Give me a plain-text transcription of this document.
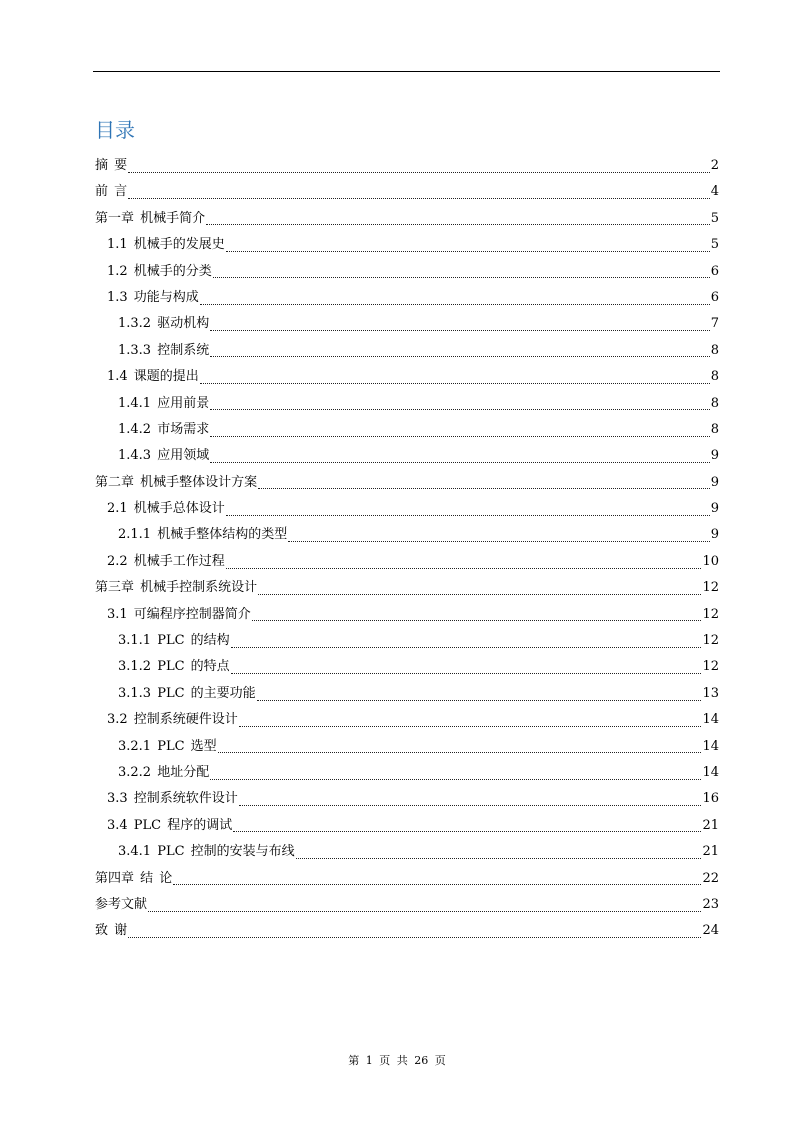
目录
摘 要	2
前 言	4
第一章 机械手简介	5
1.1 机械手的发展史	5
1.2 机械手的分类	6
1.3 功能与构成	6
1.3.2 驱动机构	7
1.3.3 控制系统	8
1.4 课题的提出	8
1.4.1 应用前景	8
1.4.2 市场需求	8
1.4.3 应用领域	9
第二章 机械手整体设计方案	9
2.1 机械手总体设计	9
2.1.1 机械手整体结构的类型	9
2.2 机械手工作过程	10
第三章 机械手控制系统设计	12
3.1 可编程序控制器简介	12
3.1.1 PLC 的结构	12
3.1.2 PLC 的特点	12
3.1.3 PLC 的主要功能	13
3.2 控制系统硬件设计	14
3.2.1 PLC 选型	14
3.2.2 地址分配	14
3.3 控制系统软件设计	16
3.4 PLC 程序的调试	21
3.4.1 PLC 控制的安装与布线	21
第四章 结 论	22
参考文献	23
致 谢	24
第 1 页 共 26 页
